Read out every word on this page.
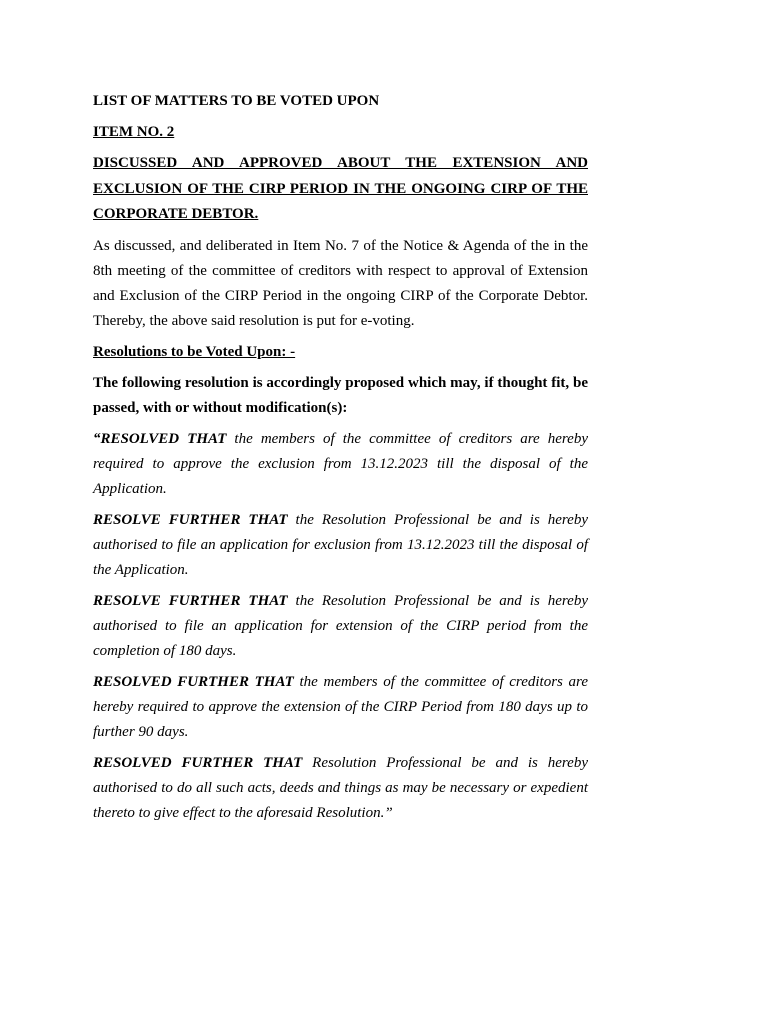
LIST OF MATTERS TO BE VOTED UPON

ITEM NO. 2

DISCUSSED AND APPROVED ABOUT THE EXTENSION AND EXCLUSION OF THE CIRP PERIOD IN THE ONGOING CIRP OF THE CORPORATE DEBTOR.

As discussed, and deliberated in Item No. 7 of the Notice & Agenda of the in the 8th meeting of the committee of creditors with respect to approval of Extension and Exclusion of the CIRP Period in the ongoing CIRP of the Corporate Debtor. Thereby, the above said resolution is put for e-voting.

Resolutions to be Voted Upon: -

The following resolution is accordingly proposed which may, if thought fit, be passed, with or without modification(s):

“RESOLVED THAT the members of the committee of creditors are hereby required to approve the exclusion from 13.12.2023 till the disposal of the Application.

RESOLVE FURTHER THAT the Resolution Professional be and is hereby authorised to file an application for exclusion from 13.12.2023 till the disposal of the Application.

RESOLVE FURTHER THAT the Resolution Professional be and is hereby authorised to file an application for extension of the CIRP period from the completion of 180 days.

RESOLVED FURTHER THAT the members of the committee of creditors are hereby required to approve the extension of the CIRP Period from 180 days up to further 90 days.

RESOLVED FURTHER THAT Resolution Professional be and is hereby authorised to do all such acts, deeds and things as may be necessary or expedient thereto to give effect to the aforesaid Resolution.”
